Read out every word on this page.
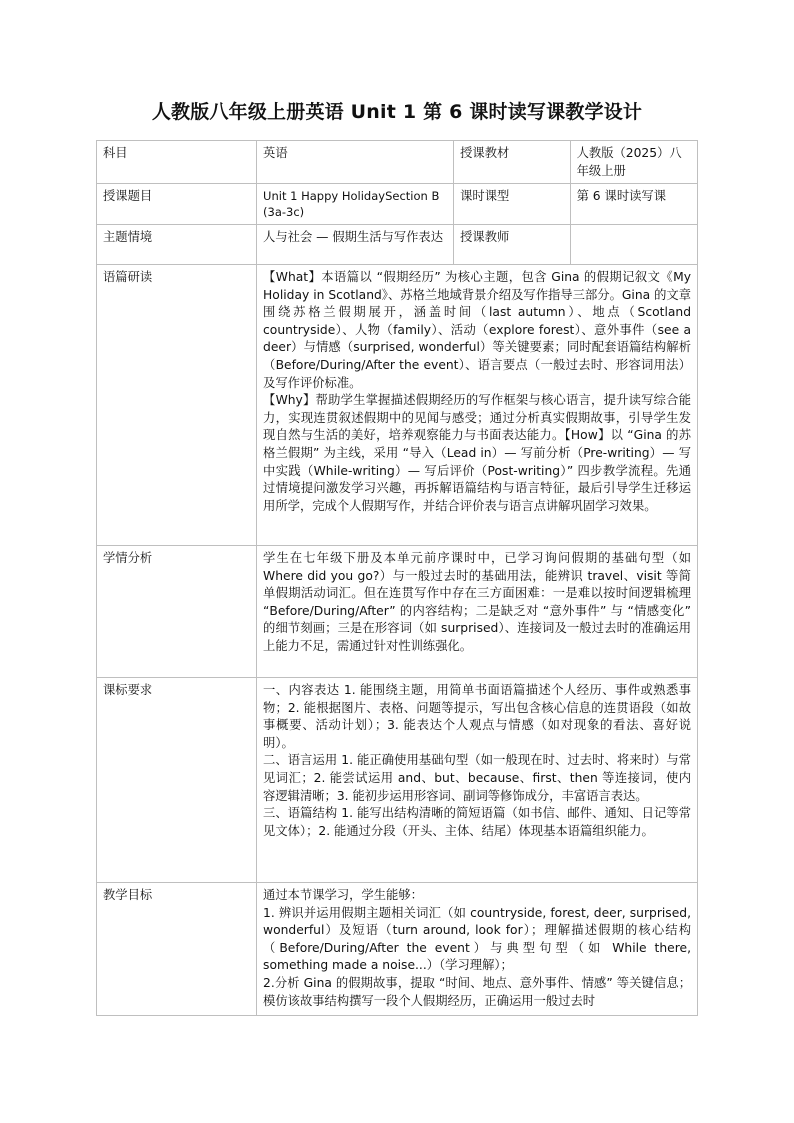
人教版八年级上册英语 Unit 1 第 6 课时读写课教学设计
科目	英语	授课教材	人教版（2025）八年级上册
授课题目	Unit 1 Happy HolidaySection B (3a-3c)	课时课型	第 6 课时读写课
主题情境	人与社会 — 假期生活与写作表达	授课教师	
语篇研读	【What】本语篇以 “假期经历” 为核心主题，包含 Gina 的假期记叙文《My Holiday in Scotland》、苏格兰地域背景介绍及写作指导三部分。Gina 的文章围绕苏格兰假期展开，涵盖时间（last autumn）、地点（Scotland countryside）、人物（family）、活动（explore forest）、意外事件（see a deer）与情感（surprised, wonderful）等关键要素；同时配套语篇结构解析（Before/During/After the event）、语言要点（一般过去时、形容词用法）及写作评价标准。
【Why】帮助学生掌握描述假期经历的写作框架与核心语言，提升读写综合能力，实现连贯叙述假期中的见闻与感受；通过分析真实假期故事，引导学生发现自然与生活的美好，培养观察能力与书面表达能力。【How】以 “Gina 的苏格兰假期” 为主线，采用 “导入（Lead in）— 写前分析（Pre-writing）— 写中实践（While-writing）— 写后评价（Post-writing）” 四步教学流程。先通过情境提问激发学习兴趣，再拆解语篇结构与语言特征，最后引导学生迁移运用所学，完成个人假期写作，并结合评价表与语言点讲解巩固学习效果。		

学情分析	学生在七年级下册及本单元前序课时中，已学习询问假期的基础句型（如 Where did you go?）与一般过去时的基础用法，能辨识 travel、visit 等简单假期活动词汇。但在连贯写作中存在三方面困难：一是难以按时间逻辑梳理 “Before/During/After” 的内容结构；二是缺乏对 “意外事件” 与 “情感变化” 的细节刻画；三是在形容词（如 surprised）、连接词及一般过去时的准确运用上能力不足，需通过针对性训练强化。		

课标要求	一、内容表达 1. 能围绕主题，用简单书面语篇描述个人经历、事件或熟悉事物；2. 能根据图片、表格、问题等提示，写出包含核心信息的连贯语段（如故事概要、活动计划）；3. 能表达个人观点与情感（如对现象的看法、喜好说明）。
二、语言运用 1. 能正确使用基础句型（如一般现在时、过去时、将来时）与常见词汇；2. 能尝试运用 and、but、because、first、then 等连接词，使内容逻辑清晰；3. 能初步运用形容词、副词等修饰成分，丰富语言表达。
三、语篇结构 1. 能写出结构清晰的简短语篇（如书信、邮件、通知、日记等常见文体）；2. 能通过分段（开头、主体、结尾）体现基本语篇组织能力。		

教学目标	通过本节课学习，学生能够：
1. 辨识并运用假期主题相关词汇（如 countryside, forest, deer, surprised, wonderful）及短语（turn around, look for）；理解描述假期的核心结构（Before/During/After the event）与典型句型（如 While there, something made a noise...）（学习理解）；
2.分析 Gina 的假期故事，提取 “时间、地点、意外事件、情感” 等关键信息；模仿该故事结构撰写一段个人假期经历，正确运用一般过去时		
